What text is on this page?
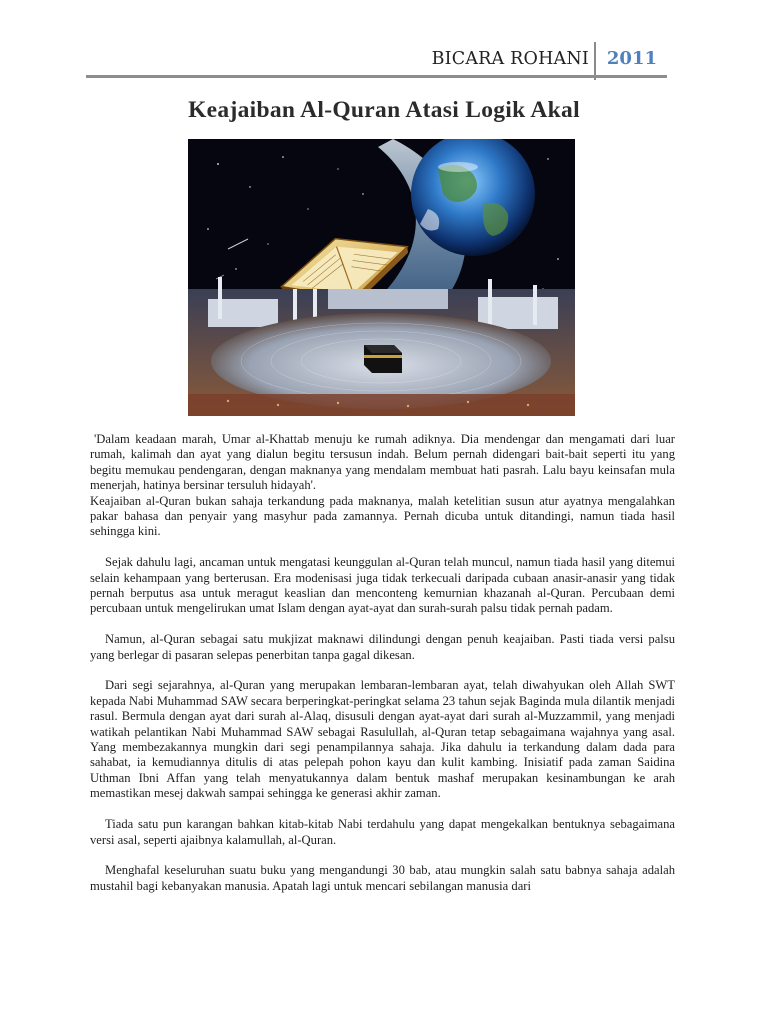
BICARA ROHANI 2011
Keajaiban Al-Quran Atasi Logik Akal

'Dalam keadaan marah, Umar al-Khattab menuju ke rumah adiknya. Dia mendengar dan mengamati dari luar rumah, kalimah dan ayat yang dialun begitu tersusun indah. Belum pernah didengari bait-bait seperti itu yang begitu memukau pendengaran, dengan maknanya yang mendalam membuat hati pasrah. Lalu bayu keinsafan mula menerjah, hatinya bersinar tersuluh hidayah'.

Keajaiban al-Quran bukan sahaja terkandung pada maknanya, malah ketelitian susun atur ayatnya mengalahkan pakar bahasa dan penyair yang masyhur pada zamannya. Pernah dicuba untuk ditandingi, namun tiada hasil sehingga kini.

Sejak dahulu lagi, ancaman untuk mengatasi keunggulan al-Quran telah muncul, namun tiada hasil yang ditemui selain kehampaan yang berterusan. Era modenisasi juga tidak terkecuali daripada cubaan anasir-anasir yang tidak pernah berputus asa untuk meragut keaslian dan menconteng kemurnian khazanah al-Quran. Percubaan demi percubaan untuk mengelirukan umat Islam dengan ayat-ayat dan surah-surah palsu tidak pernah padam.

Namun, al-Quran sebagai satu mukjizat maknawi dilindungi dengan penuh keajaiban. Pasti tiada versi palsu yang berlegar di pasaran selepas penerbitan tanpa gagal dikesan.

Dari segi sejarahnya, al-Quran yang merupakan lembaran-lembaran ayat, telah diwahyukan oleh Allah SWT kepada Nabi Muhammad SAW secara berperingkat-peringkat selama 23 tahun sejak Baginda mula dilantik menjadi rasul. Bermula dengan ayat dari surah al-Alaq, disusuli dengan ayat-ayat dari surah al-Muzzammil, yang menjadi watikah pelantikan Nabi Muhammad SAW sebagai Rasulullah, al-Quran tetap sebagaimana wajahnya yang asal. Yang membezakannya mungkin dari segi penampilannya sahaja. Jika dahulu ia terkandung dalam dada para sahabat, ia kemudiannya ditulis di atas pelepah pohon kayu dan kulit kambing. Inisiatif pada zaman Saidina Uthman Ibni Affan yang telah menyatukannya dalam bentuk mashaf merupakan kesinambungan ke arah memastikan mesej dakwah sampai sehingga ke generasi akhir zaman.

Tiada satu pun karangan bahkan kitab-kitab Nabi terdahulu yang dapat mengekalkan bentuknya sebagaimana versi asal, seperti ajaibnya kalamullah, al-Quran.

Menghafal keseluruhan suatu buku yang mengandungi 30 bab, atau mungkin salah satu babnya sahaja adalah mustahil bagi kebanyakan manusia. Apatah lagi untuk mencari sebilangan manusia dari
